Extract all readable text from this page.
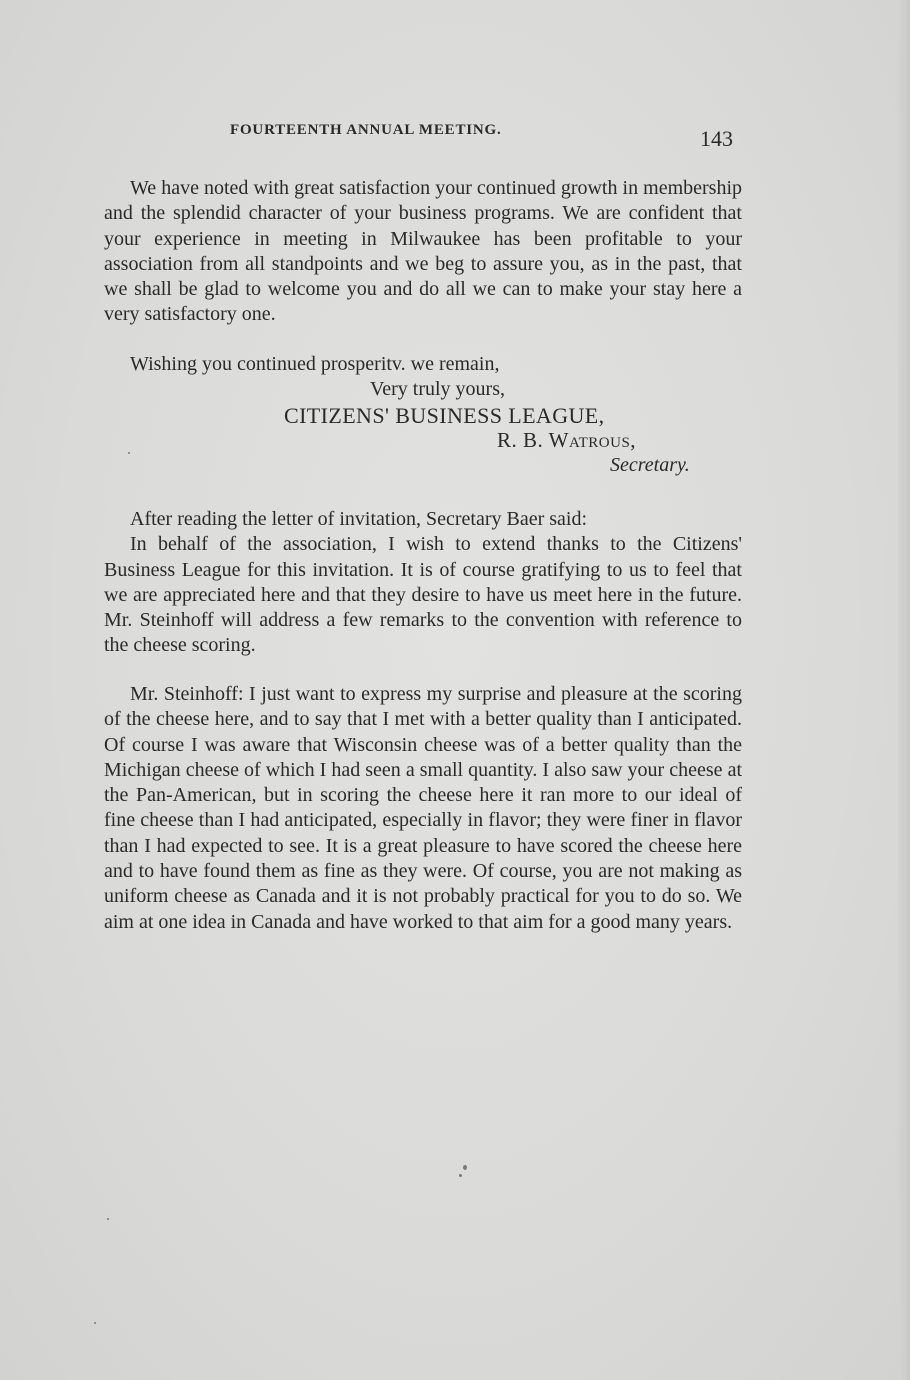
FOURTEENTH ANNUAL MEETING.	143

We have noted with great satisfaction your continued growth in membership and the splendid character of your business programs. We are confident that your experience in meeting in Milwaukee has been profitable to your association from all standpoints and we beg to assure you, as in the past, that we shall be glad to welcome you and do all we can to make your stay here a very satisfactory one.

Wishing you continued prosperitv. we remain,
Very truly yours,
CITIZENS' BUSINESS LEAGUE,
R. B. Watrous,
Secretary.

After reading the letter of invitation, Secretary Baer said:

In behalf of the association, I wish to extend thanks to the Citizens' Business League for this invitation. It is of course gratifying to us to feel that we are appreciated here and that they desire to have us meet here in the future. Mr. Steinhoff will address a few remarks to the convention with reference to the cheese scoring.

Mr. Steinhoff: I just want to express my surprise and pleasure at the scoring of the cheese here, and to say that I met with a better quality than I anticipated. Of course I was aware that Wisconsin cheese was of a better quality than the Michigan cheese of which I had seen a small quantity. I also saw your cheese at the Pan-American, but in scoring the cheese here it ran more to our ideal of fine cheese than I had anticipated, especially in flavor; they were finer in flavor than I had expected to see. It is a great pleasure to have scored the cheese here and to have found them as fine as they were. Of course, you are not making as uniform cheese as Canada and it is not probably practical for you to do so. We aim at one idea in Canada and have worked to that aim for a good many years.
